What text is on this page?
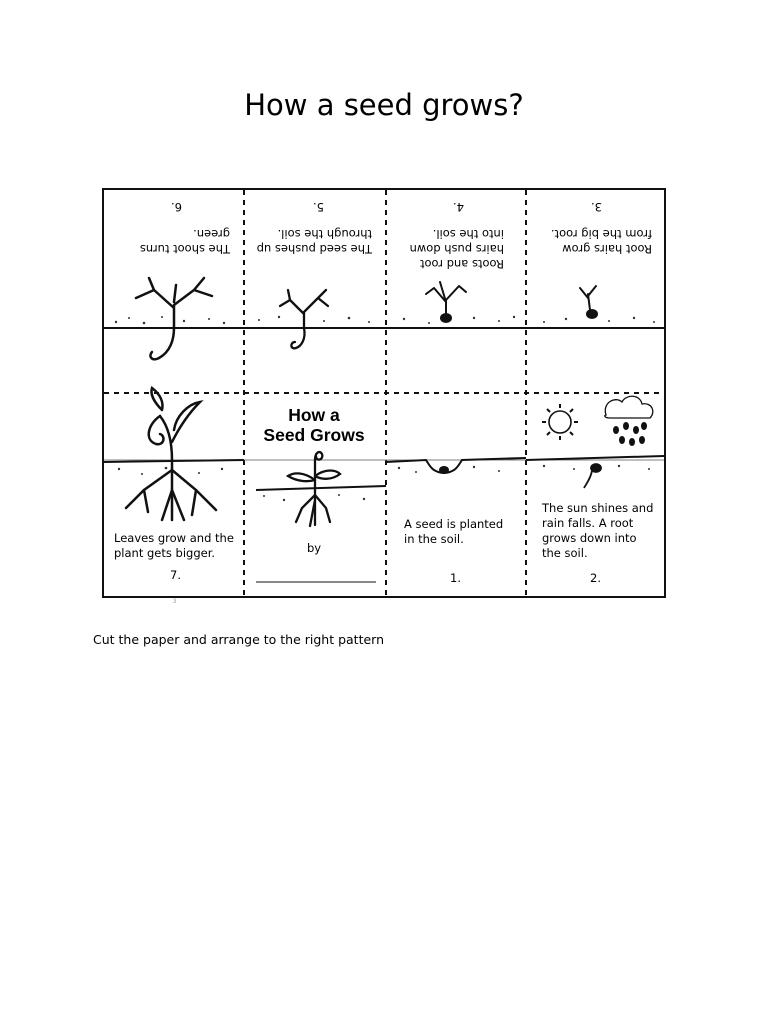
How a seed grows?
The shoot turns
green.
6.
The seed pushes up
through the soil.
5.
Roots and root
hairs push down
into the soil.
4.
Root hairs grow
from the big root.
3.
Leaves grow and the
plant gets bigger.
7.
How a
Seed Grows
by
A seed is planted
in the soil.
1.
The sun shines and
rain falls. A root
grows down into
the soil.
2.
3
Cut the paper and arrange to the right pattern
